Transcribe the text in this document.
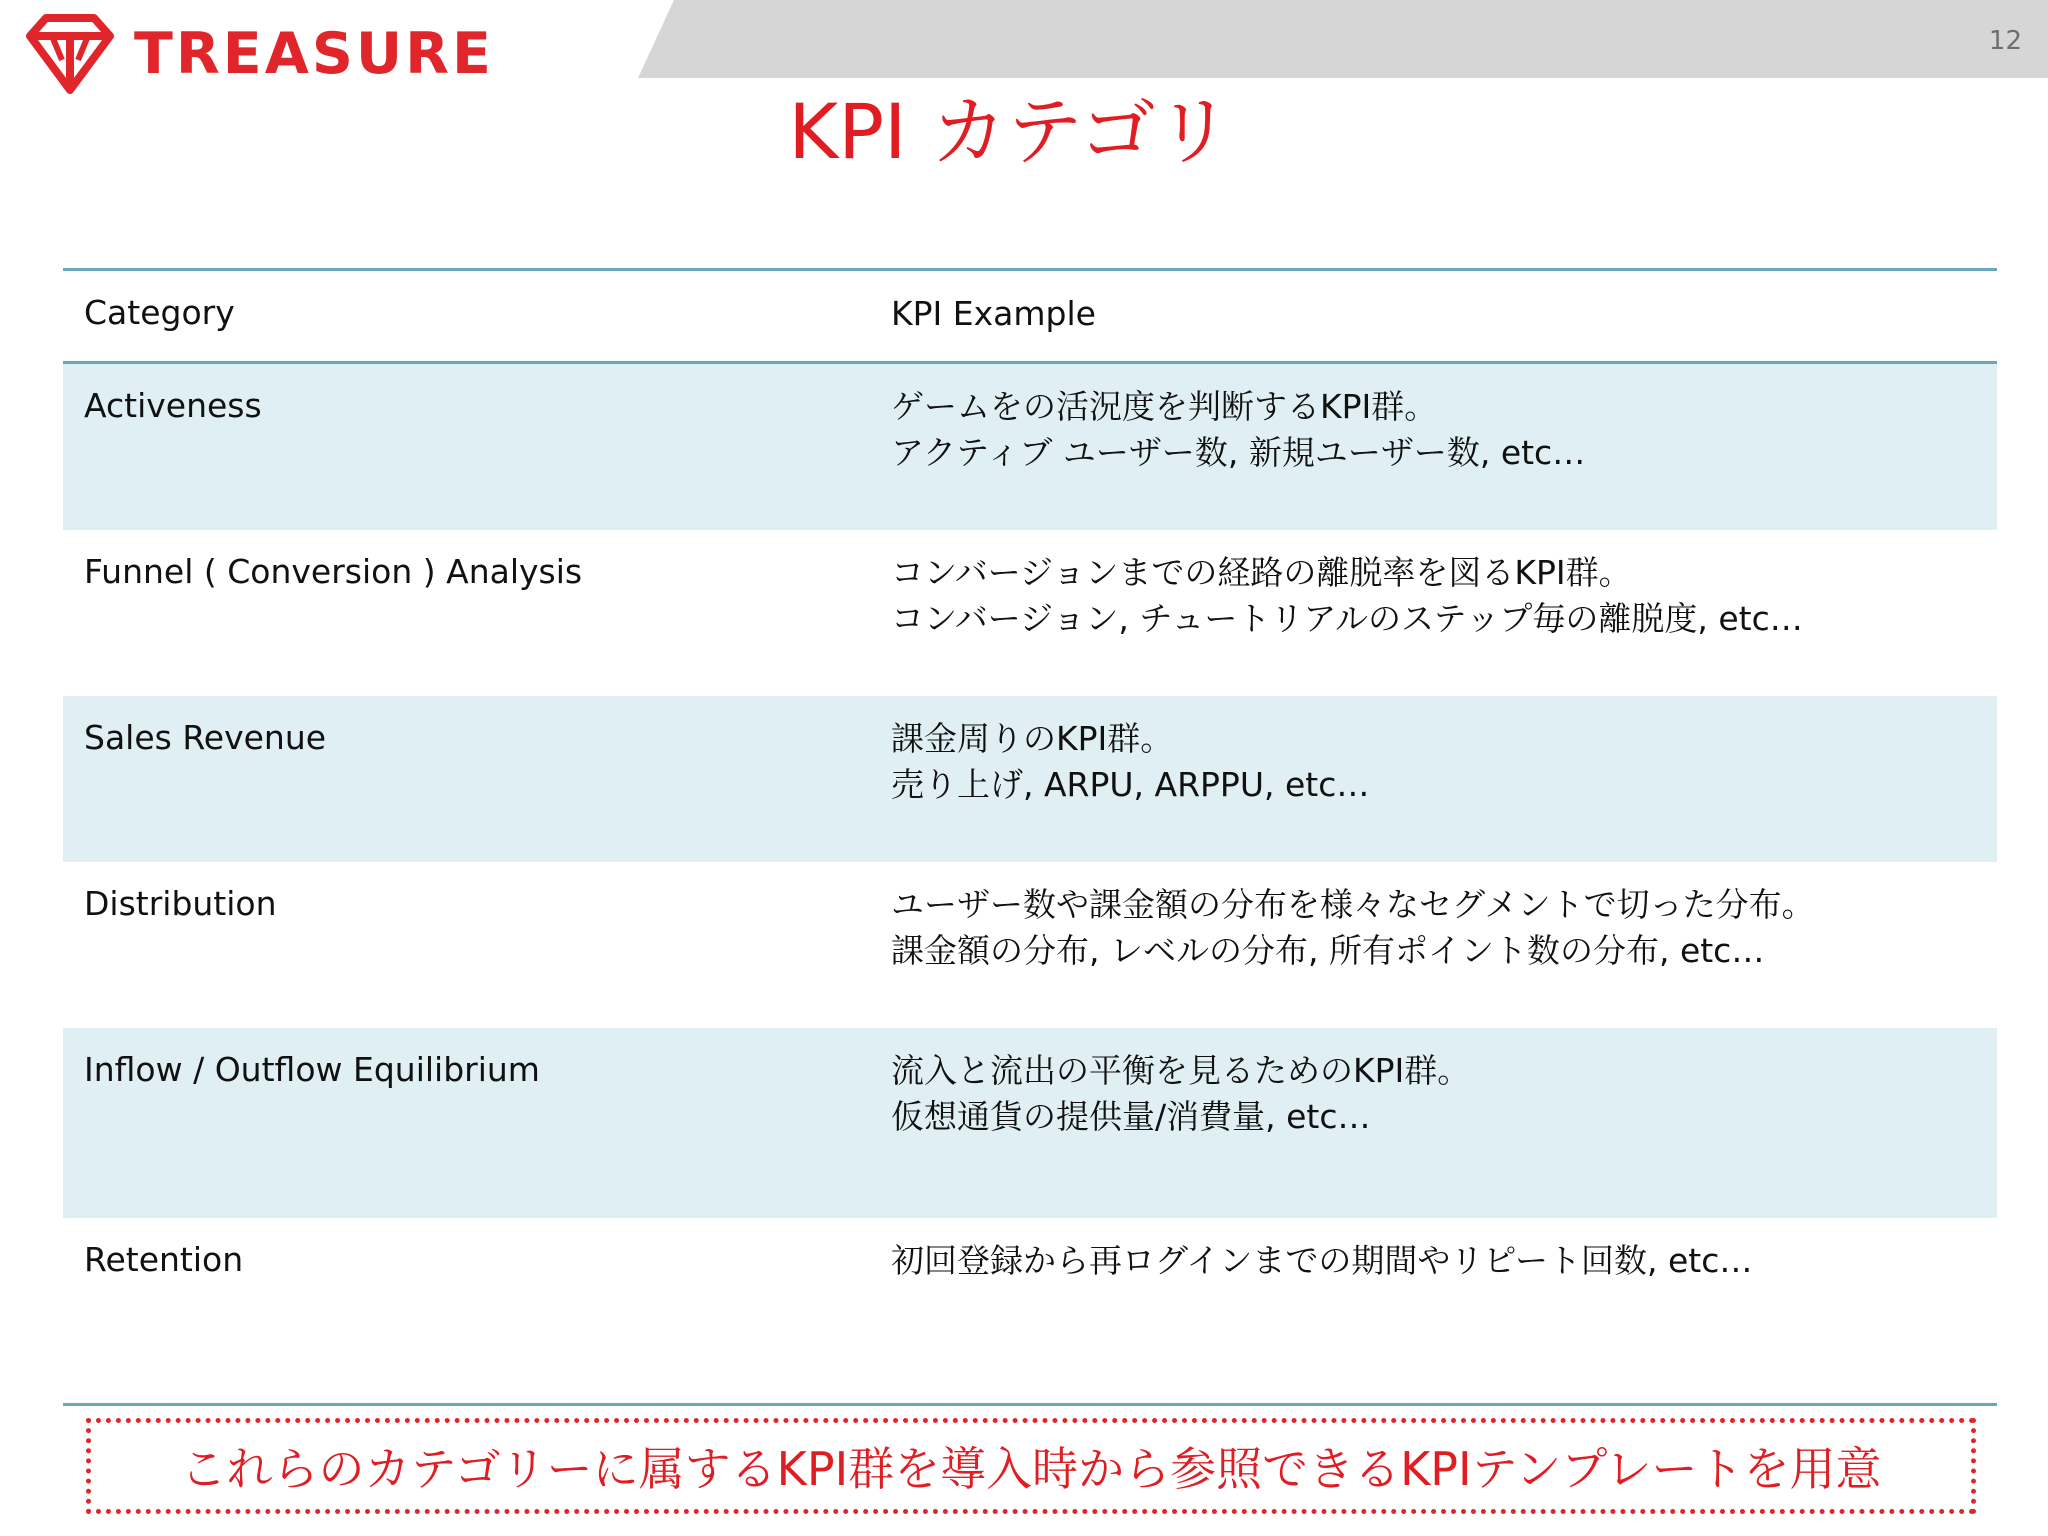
TREASURE	12
KPI カテゴリ
Category	KPI Example
Activeness	ゲームをの活況度を判断するKPI群。
アクティブ ユーザー数, 新規ユーザー数, etc…
Funnel ( Conversion ) Analysis	コンバージョンまでの経路の離脱率を図るKPI群。
コンバージョン, チュートリアルのステップ毎の離脱度, etc…
Sales Revenue	課金周りのKPI群。
売り上げ, ARPU, ARPPU, etc…
Distribution	ユーザー数や課金額の分布を様々なセグメントで切った分布。
課金額の分布, レベルの分布, 所有ポイント数の分布, etc…
Inflow / Outflow Equilibrium	流入と流出の平衡を見るためのKPI群。
仮想通貨の提供量/消費量, etc…
Retention	初回登録から再ログインまでの期間やリピート回数, etc…
これらのカテゴリーに属するKPI群を導入時から参照できるKPIテンプレートを用意
